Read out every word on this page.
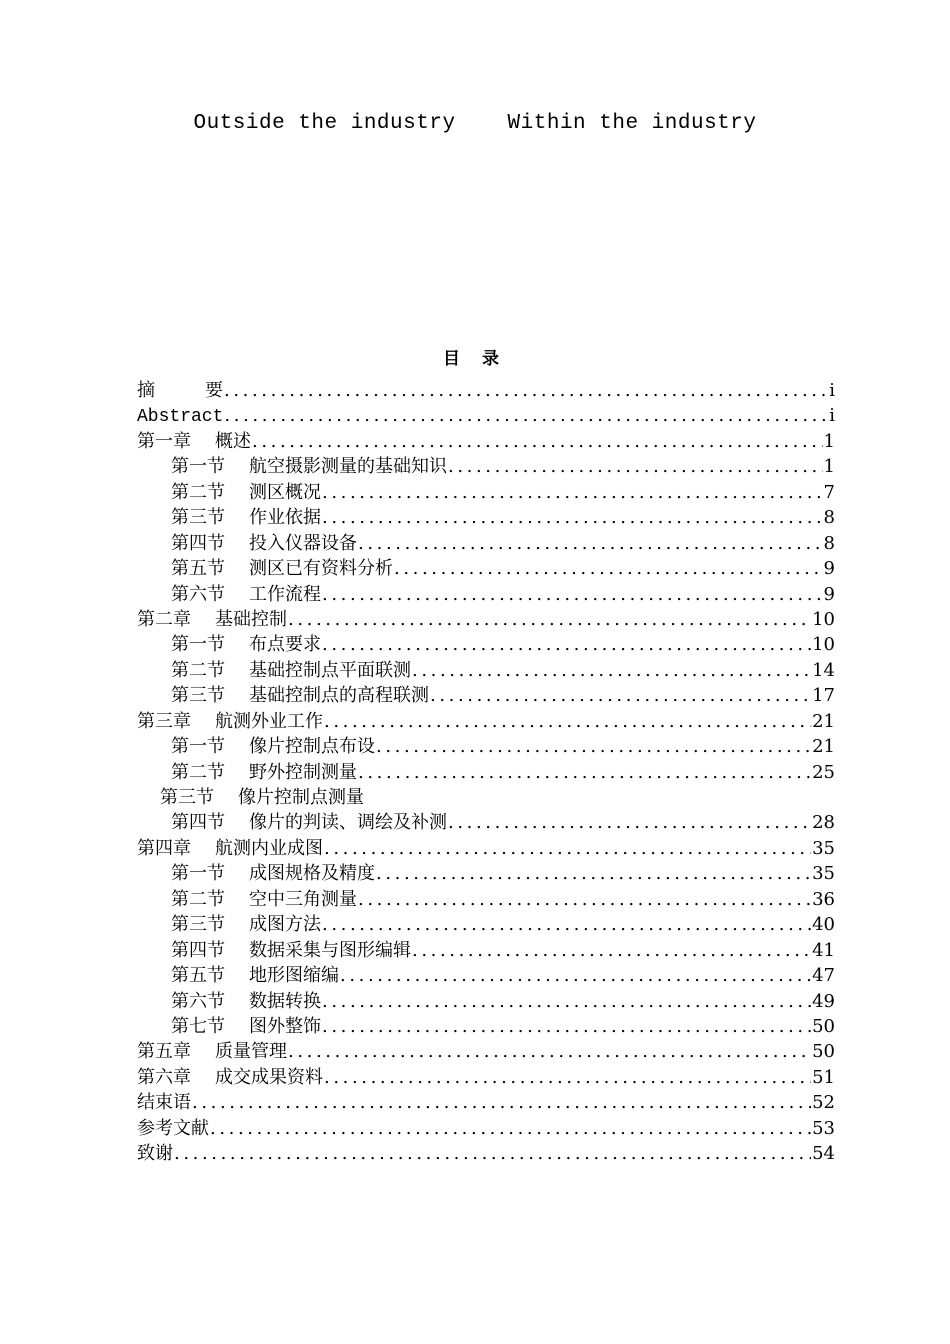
Outside the industry Within the industry
目 录
摘	要 .....	i
Abstract .....	i
第一章 概述 .....	1
第一节 航空摄影测量的基础知识 .....	1
第二节 测区概况 .....	7
第三节 作业依据 .....	8
第四节 投入仪器设备 .....	8
第五节 测区已有资料分析 .....	9
第六节 工作流程 .....	9
第二章 基础控制 .....	10
第一节 布点要求 .....	10
第二节 基础控制点平面联测 .....	14
第三节 基础控制点的高程联测 .....	17
第三章 航测外业工作 .....	21
第一节 像片控制点布设 .....	21
第二节 野外控制测量 .....	25
第三节 像片控制点测量
第四节 像片的判读、调绘及补测 .....	28
第四章 航测内业成图 .....	35
第一节 成图规格及精度 .....	35
第二节 空中三角测量 .....	36
第三节 成图方法 .....	40
第四节 数据采集与图形编辑 .....	41
第五节 地形图缩编 .....	47
第六节 数据转换 .....	49
第七节 图外整饰 .....	50
第五章 质量管理 .....	50
第六章 成交成果资料 .....	51
结束语 .....	52
参考文献 .....	53
致谢 .....	54
